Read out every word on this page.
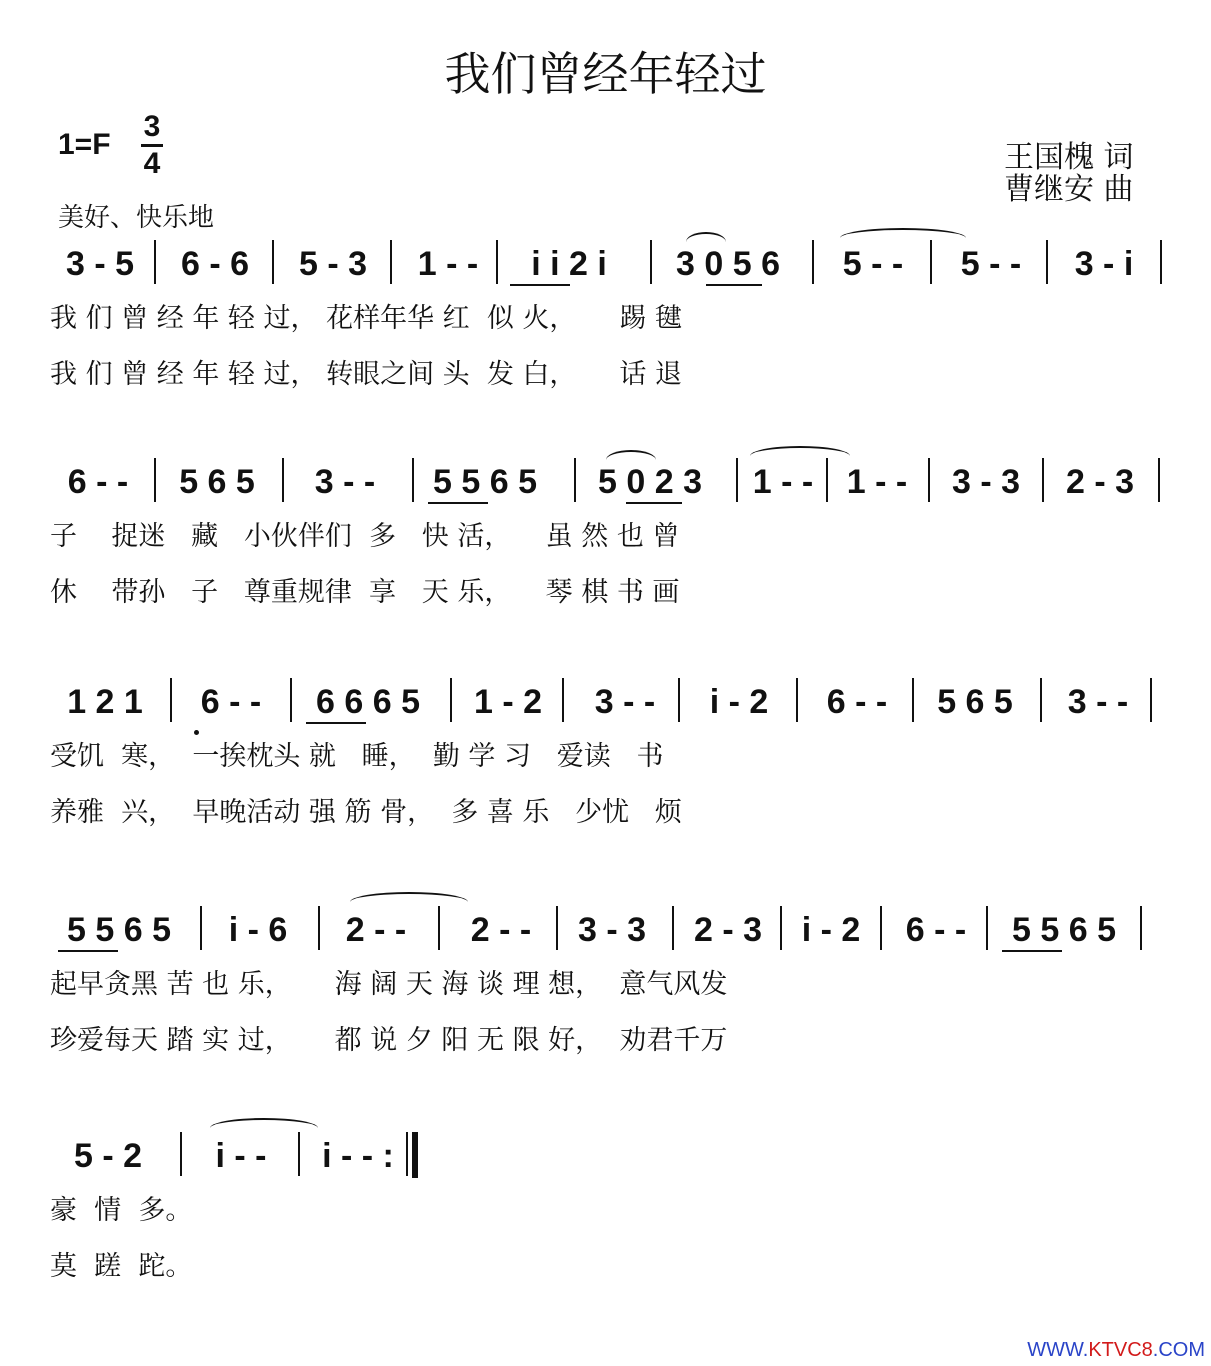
我们曾经年轻过
1=F
3
4	王国槐 词
曹继安 曲
美好、快乐地
3 - 5	6 - 6	5 - 3	1 - -	i i 2 i	3 0 5 6	5 - -	5 - -	3 - i
我 们 曾 经 年 轻 过， 花样年华 红  似 火，     踢 毽
我 们 曾 经 年 轻 过， 转眼之间 头  发 白，     话 退
6 - -	5 6 5	3 - -	5 5 6 5	5 0 2 3	1 - - 1 - -	3 - 3	2 - 3
子    捉迷   藏   小伙伴们  多   快 活，    虽 然 也 曾
休    带孙   子   尊重规律  享   天 乐，    琴 棋 书 画
1 2 1	6 - -	6 6 6 5	1 - 2	3 - -	i - 2	6 - -	5 6 5	3 - -
受饥  寒，  一挨枕头 就   睡，  勤 学 习   爱读   书
养雅  兴，  早晚活动 强 筋 骨，  多 喜 乐   少忧   烦
5 5 6 5	i - 6	2 - -	2 - -	3 - 3	2 - 3	i - 2	6 - -	5 5 6 5
起早贪黑 苦 也 乐，     海 阔 天 海 谈 理 想，  意气风发
珍爱每天 踏 实 过，     都 说 夕 阳 无 限 好，  劝君千万
5 - 2	i - -	i - - :
豪  情  多。
莫  蹉  跎。
WWW.KTVC8.COM
